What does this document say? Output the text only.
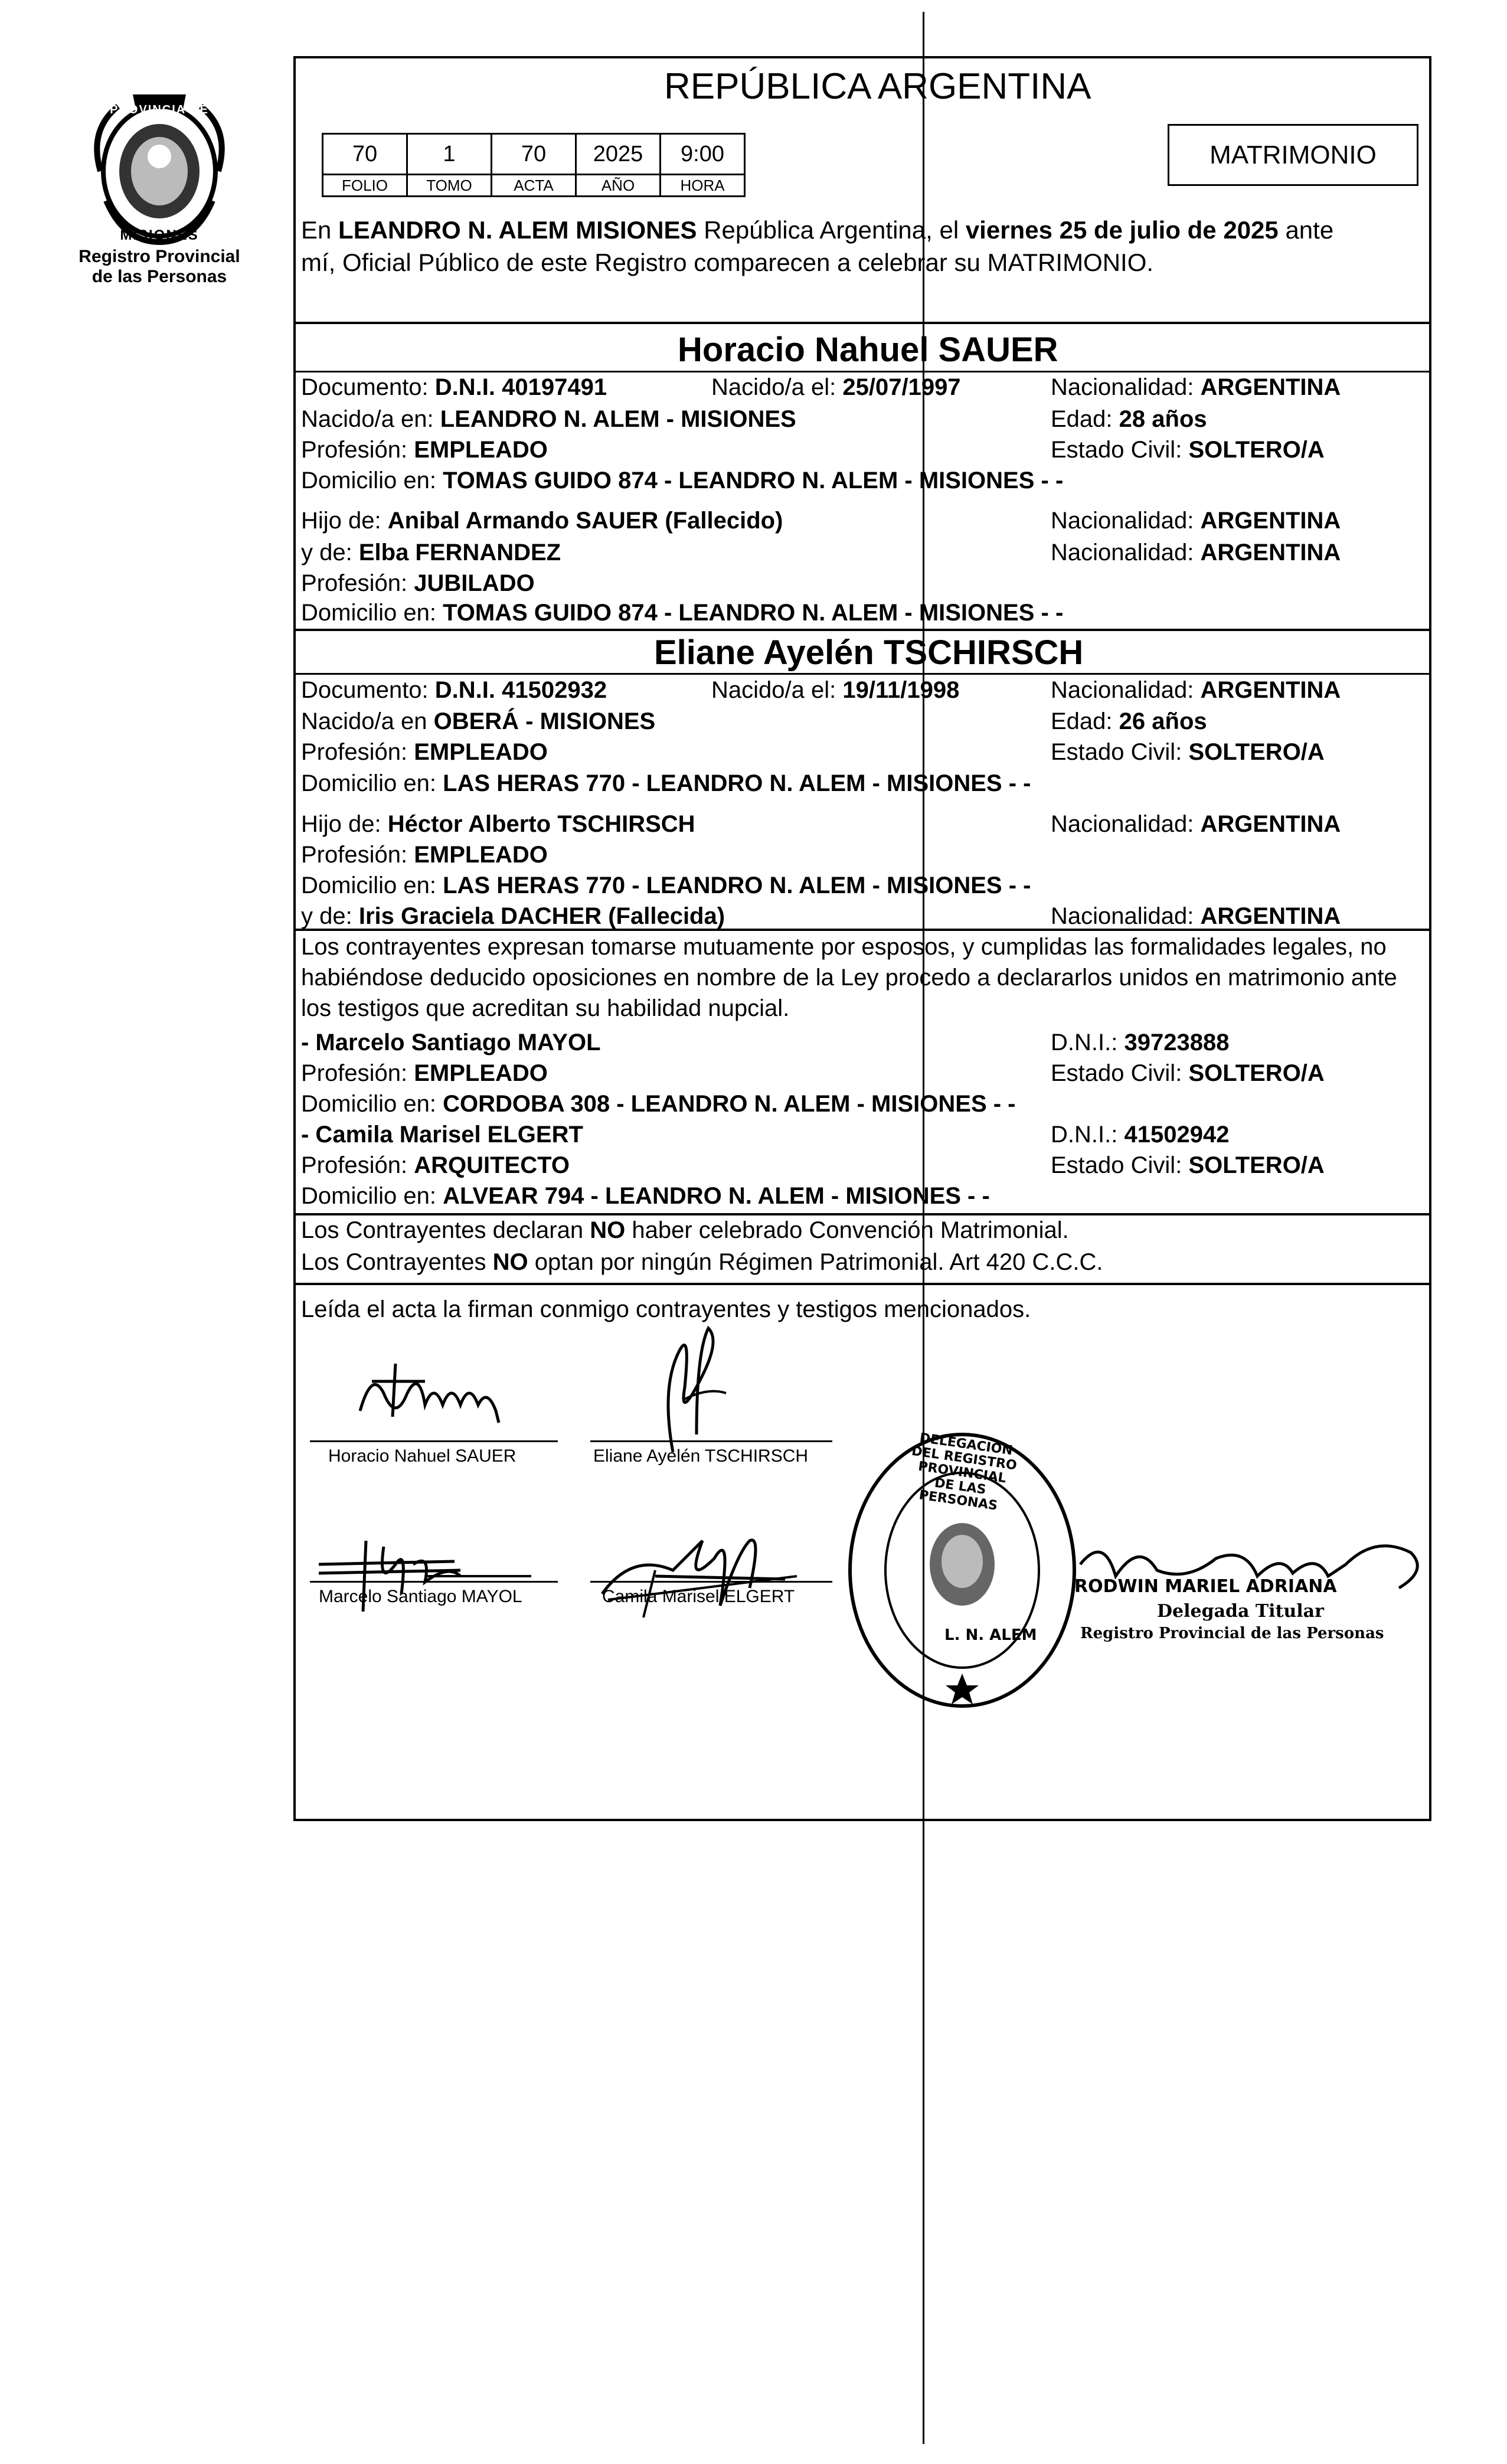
PROVINCIA DE
MISIONES
Registro Provincial
de las Personas
REPÚBLICA ARGENTINA
70	1	70	2025	9:00
FOLIO	TOMO	ACTA	AÑO	HORA
MATRIMONIO
En LEANDRO N. ALEM MISIONES República Argentina, el viernes 25 de julio de 2025 ante
mí, Oficial Público de este Registro comparecen a celebrar su MATRIMONIO.
Horacio Nahuel SAUER
Documento: D.N.I. 40197491	Nacido/a el: 25/07/1997	Nacionalidad: ARGENTINA
Nacido/a en: LEANDRO N. ALEM - MISIONES	Edad: 28 años
Profesión: EMPLEADO	Estado Civil: SOLTERO/A
Domicilio en: TOMAS GUIDO 874 - LEANDRO N. ALEM - MISIONES - -
Hijo de: Anibal Armando SAUER (Fallecido)	Nacionalidad: ARGENTINA
y de: Elba FERNANDEZ	Nacionalidad: ARGENTINA
Profesión: JUBILADO
Domicilio en: TOMAS GUIDO 874 - LEANDRO N. ALEM - MISIONES - -
Eliane Ayelén TSCHIRSCH
Documento: D.N.I. 41502932	Nacido/a el: 19/11/1998	Nacionalidad: ARGENTINA
Nacido/a en OBERÁ - MISIONES	Edad: 26 años
Profesión: EMPLEADO	Estado Civil: SOLTERO/A
Domicilio en: LAS HERAS 770 - LEANDRO N. ALEM - MISIONES - -
Hijo de: Héctor Alberto TSCHIRSCH	Nacionalidad: ARGENTINA
Profesión: EMPLEADO
Domicilio en: LAS HERAS 770 - LEANDRO N. ALEM - MISIONES - -
y de: Iris Graciela DACHER (Fallecida)	Nacionalidad: ARGENTINA
Los contrayentes expresan tomarse mutuamente por esposos, y cumplidas las formalidades legales, no
habiéndose deducido oposiciones en nombre de la Ley procedo a declararlos unidos en matrimonio ante
los testigos que acreditan su habilidad nupcial.
- Marcelo Santiago MAYOL	D.N.I.: 39723888
Profesión: EMPLEADO	Estado Civil: SOLTERO/A
Domicilio en: CORDOBA 308 - LEANDRO N. ALEM - MISIONES - -
- Camila Marisel ELGERT	D.N.I.: 41502942
Profesión: ARQUITECTO	Estado Civil: SOLTERO/A
Domicilio en: ALVEAR 794 - LEANDRO N. ALEM - MISIONES - -
Los Contrayentes declaran NO haber celebrado Convención Matrimonial.
Los Contrayentes NO optan por ningún Régimen Patrimonial. Art 420 C.C.C.
Leída el acta la firman conmigo contrayentes y testigos mencionados.
Horacio Nahuel SAUER	Eliane Ayelén TSCHIRSCH
Marcelo Santiago MAYOL	Camila Marisel ELGERT
DELEGACIÓN DEL REGISTRO PROVINCIAL DE LAS PERSONAS
L. N. ALEM
RODWIN MARIEL ADRIANA
Delegada Titular
Registro Provincial de las Personas
